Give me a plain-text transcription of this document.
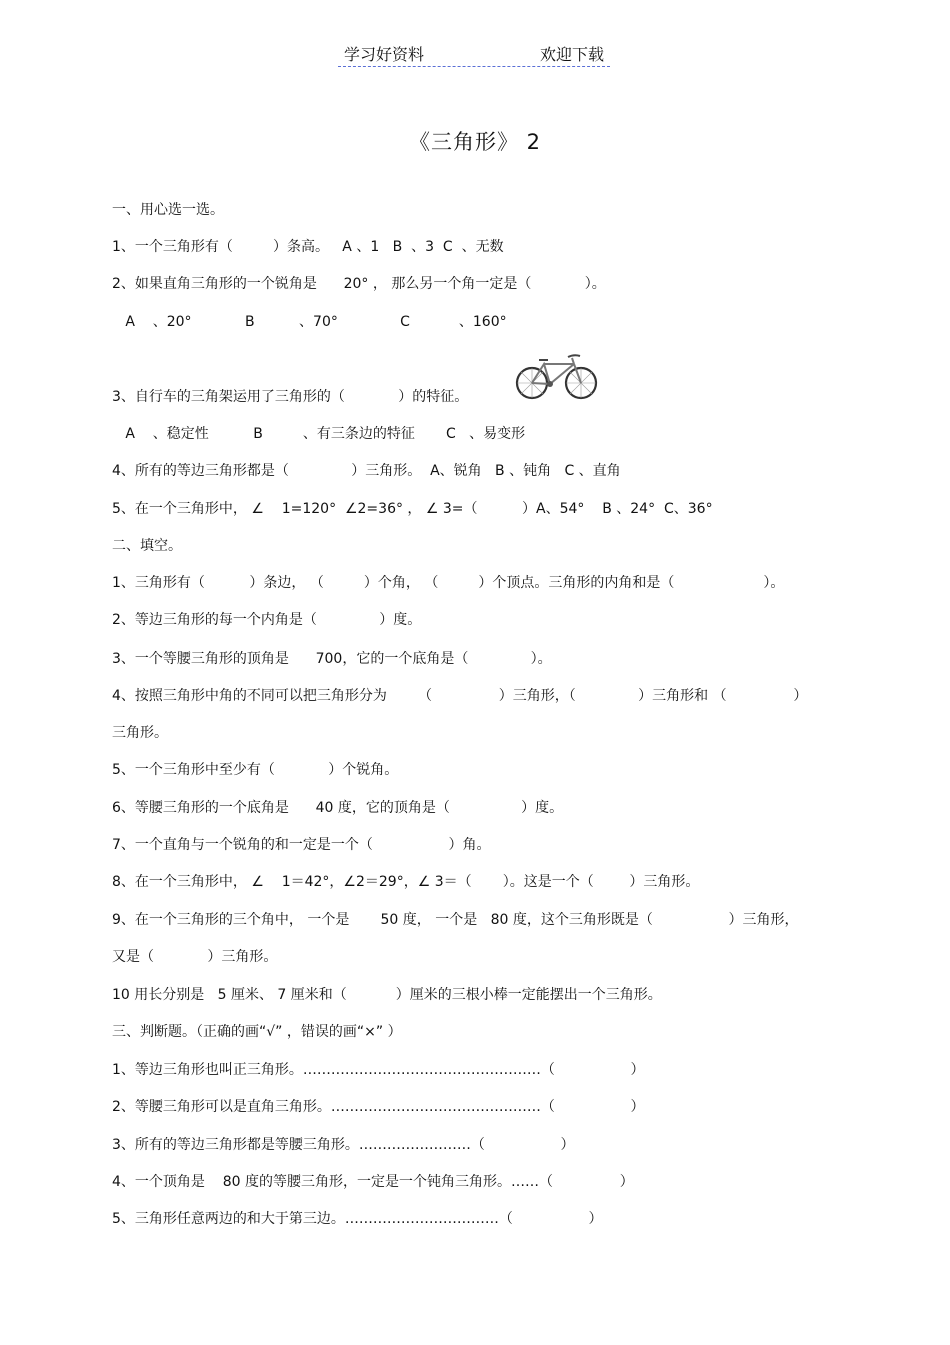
学习好资料	欢迎下载
《三角形》 2
一、用心选一选。
1、一个三角形有（         ）条高。   A 、1   B  、3  C  、无数
2、如果直角三角形的一个锐角是      20° ， 那么另一个角一定是（            ）。
A    、20°            B          、70°              C           、160°
3、自行车的三角架运用了三角形的（            ）的特征。
A    、稳定性          B         、有三条边的特征       C   、易变形
4、所有的等边三角形都是（              ）三角形。  A、锐角   B 、钝角   C 、直角
5、在一个三角形中， ∠    1=120°  ∠2=36° ， ∠ 3=（          ）A、54°    B 、24°  C、36°
二、填空。
1、三角形有（          ）条边， （         ）个角， （         ）个顶点。三角形的内角和是（                    ）。
2、等边三角形的每一个内角是（              ）度。
3、一个等腰三角形的顶角是      700，它的一个底角是（              ）。
4、按照三角形中角的不同可以把三角形分为       （               ）三角形，（              ）三角形和 （               ）
三角形。
5、一个三角形中至少有（            ）个锐角。
6、等腰三角形的一个底角是      40 度，它的顶角是（                ）度。
7、一个直角与一个锐角的和一定是一个（                 ）角。
8、在一个三角形中， ∠    1＝42°，∠2＝29°，∠ 3＝（       ）。这是一个（        ）三角形。
9、在一个三角形的三个角中， 一个是       50 度， 一个是   80 度，这个三角形既是（                 ）三角形，
又是（            ）三角形。
10 用长分别是   5 厘米、 7 厘米和（           ）厘米的三根小棒一定能摆出一个三角形。
三、判断题。（正确的画“√” ，错误的画“×” ）
1、等边三角形也叫正三角形。……………………………………………（                 ）
2、等腰三角形可以是直角三角形。………………………………………（                 ）
3、所有的等边三角形都是等腰三角形。……………………（                 ）
4、一个顶角是    80 度的等腰三角形，一定是一个钝角三角形。……（               ）
5、三角形任意两边的和大于第三边。……………………………（                 ）
